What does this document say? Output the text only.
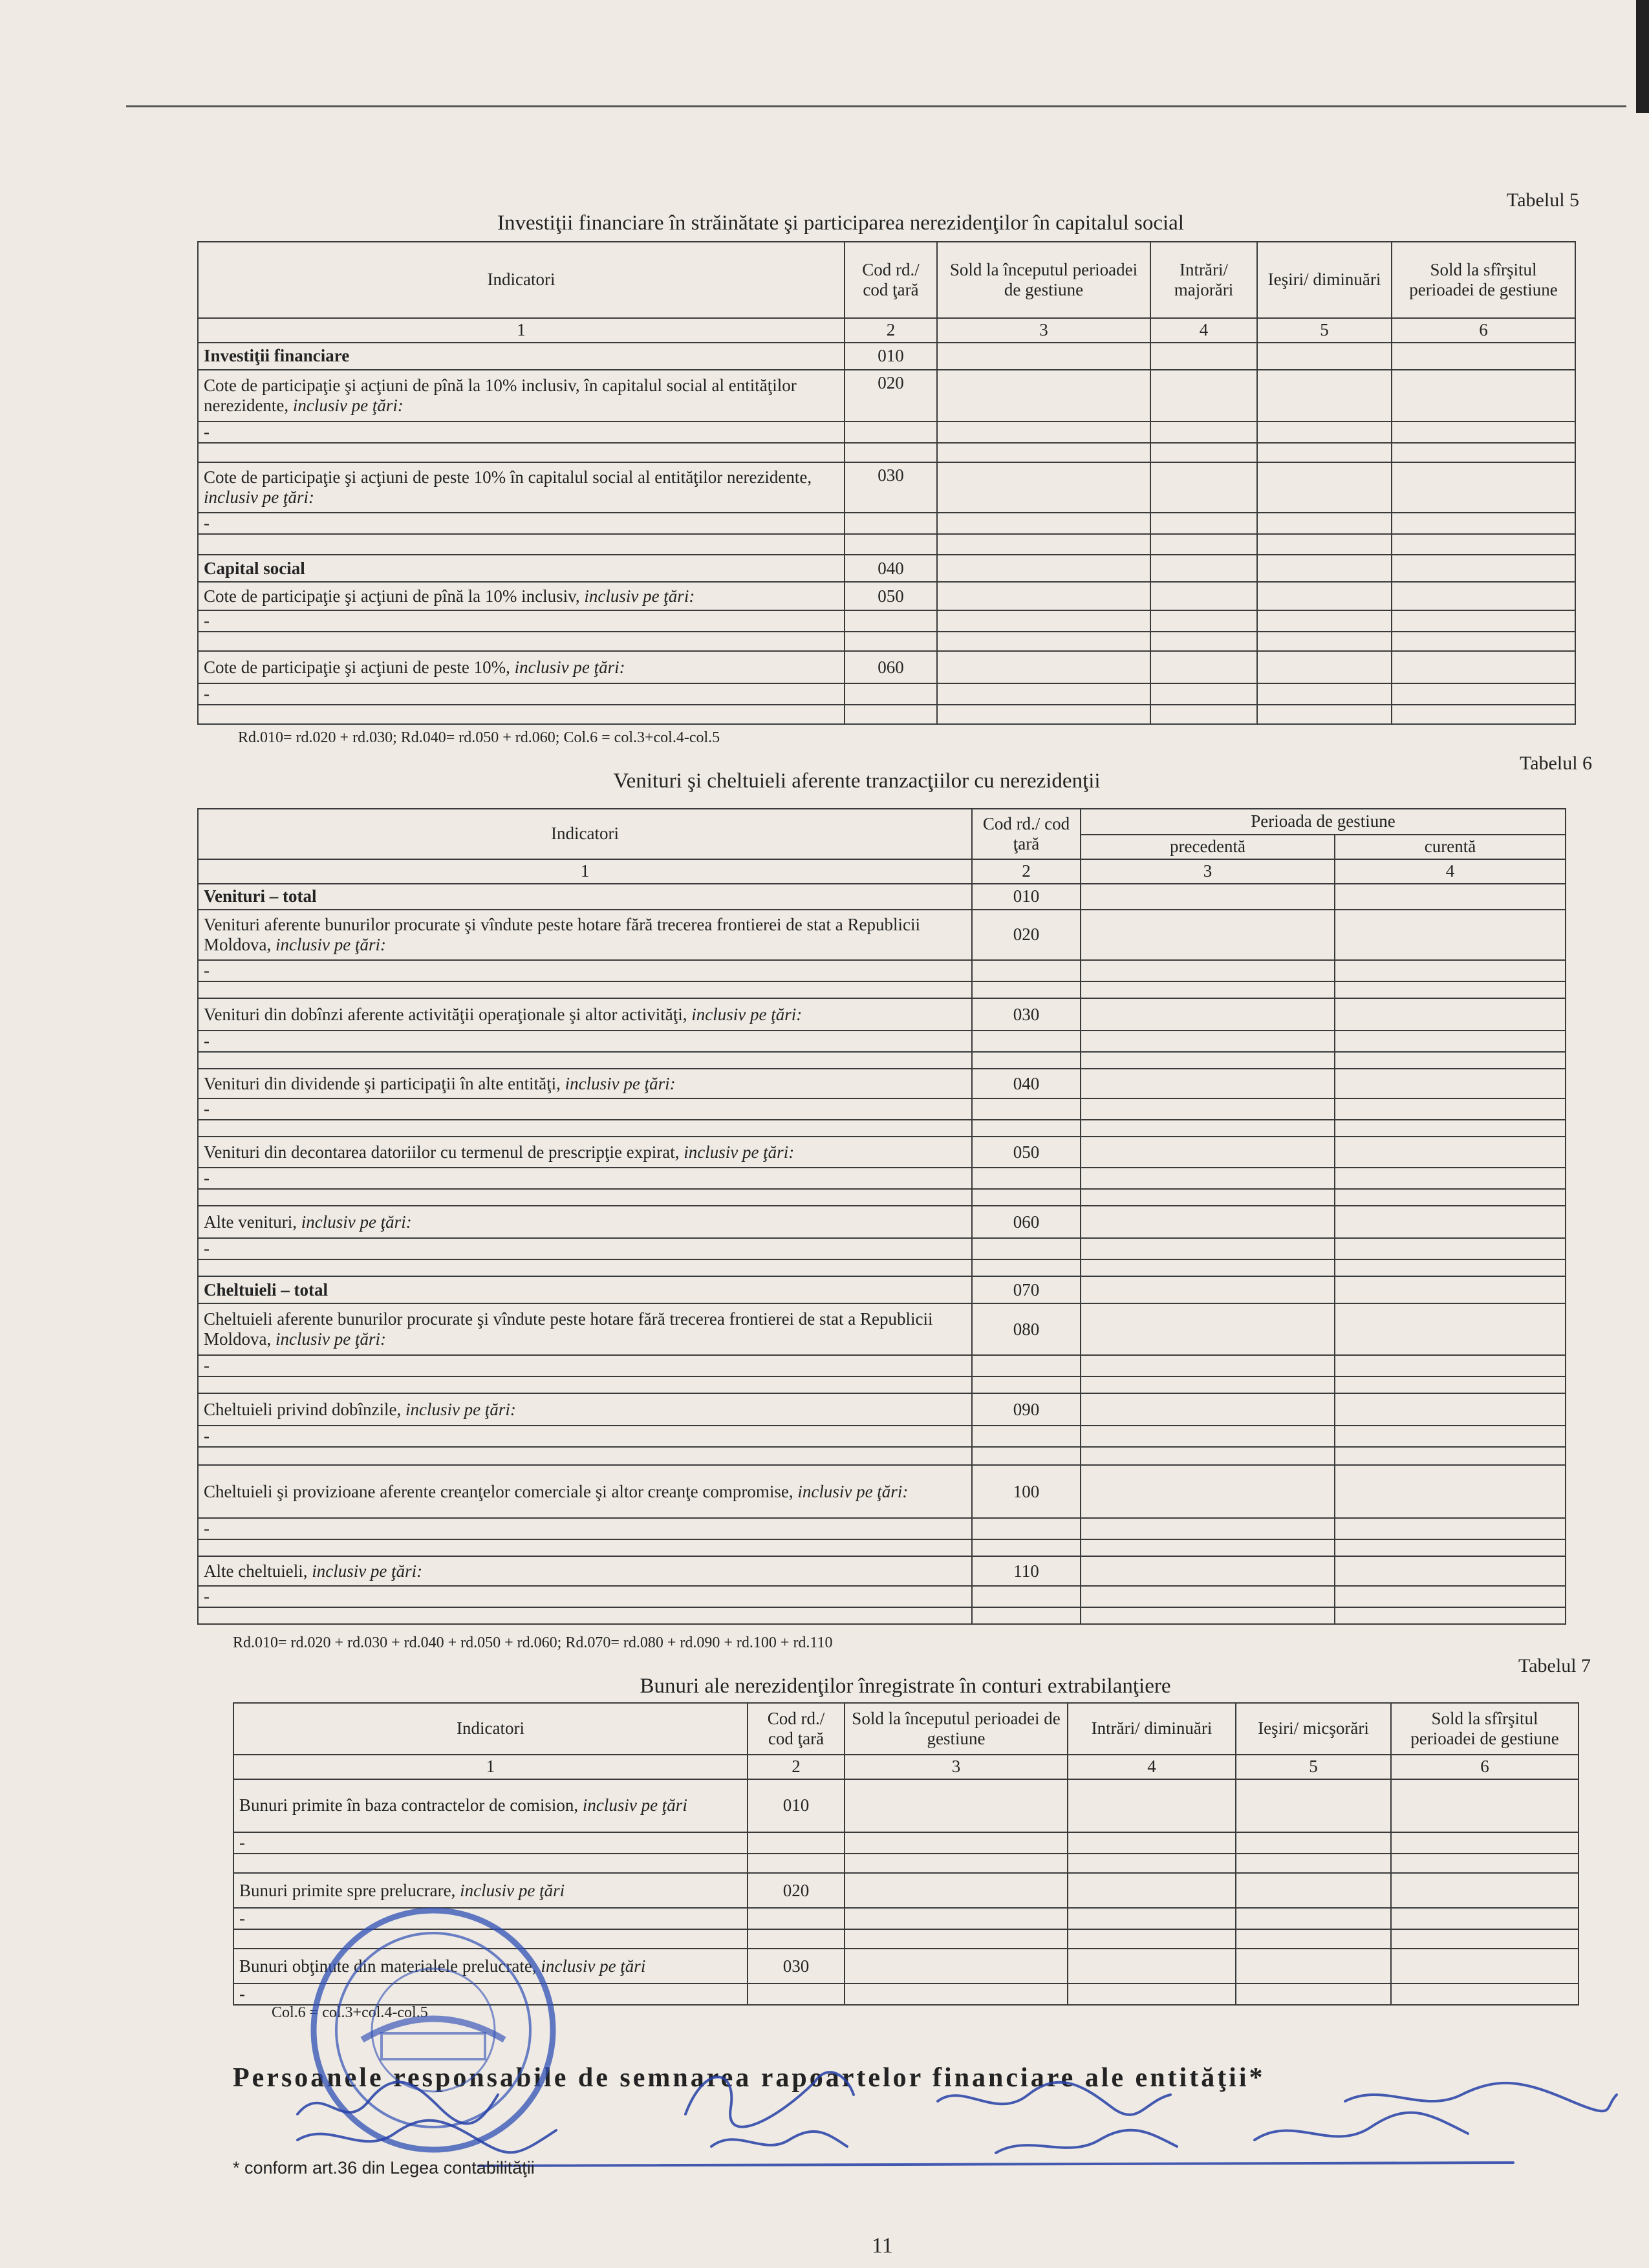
Tabelul 5
Investiţii financiare în străinătate şi participarea nerezidenţilor în capitalul social
Indicatori	Cod rd./ cod ţară	Sold la începutul perioadei de gestiune	Intrări/ majorări	Ieşiri/ diminuări	Sold la sfîrşitul perioadei de gestiune
1	2	3	4	5	6
Investiţii financiare	010				
Cote de participaţie şi acţiuni de pînă la 10% inclusiv, în capitalul social al entităţilor nerezidente, inclusiv pe ţări:	020				
-					

Cote de participaţie şi acţiuni de peste 10% în capitalul social al entităţilor nerezidente, inclusiv pe ţări:	030				
-					

Capital social	040				
Cote de participaţie şi acţiuni de pînă la 10% inclusiv, inclusiv pe ţări:	050				
-					

Cote de participaţie şi acţiuni de peste 10%, inclusiv pe ţări:	060				
-					

Rd.010= rd.020 + rd.030; Rd.040= rd.050 + rd.060; Col.6 = col.3+col.4-col.5
Tabelul 6
Venituri şi cheltuieli aferente tranzacţiilor cu nerezidenţii
Indicatori	Cod rd./ cod ţară	Perioada de gestiune	
		precedentă	curentă
1	2	3	4
Venituri – total	010		
Venituri aferente bunurilor procurate şi vîndute peste hotare fără trecerea frontierei de stat a Republicii Moldova, inclusiv pe ţări:	020		
-			

Venituri din dobînzi aferente activităţii operaţionale şi altor activităţi, inclusiv pe ţări:	030		
-			

Venituri din dividende şi participaţii în alte entităţi, inclusiv pe ţări:	040		
-			

Venituri din decontarea datoriilor cu termenul de prescripţie expirat, inclusiv pe ţări:	050		
-			

Alte venituri, inclusiv pe ţări:	060		
-			

Cheltuieli – total	070		
Cheltuieli aferente bunurilor procurate şi vîndute peste hotare fără trecerea frontierei de stat a Republicii Moldova, inclusiv pe ţări:	080		
-			

Cheltuieli privind dobînzile, inclusiv pe ţări:	090		
-			

Cheltuieli şi provizioane aferente creanţelor comerciale şi altor creanţe compromise, inclusiv pe ţări:	100		
-			

Alte cheltuieli, inclusiv pe ţări:	110		
-			

Rd.010= rd.020 + rd.030 + rd.040 + rd.050 + rd.060; Rd.070= rd.080 + rd.090 + rd.100 + rd.110
Tabelul 7
Bunuri ale nerezidenţilor înregistrate în conturi extrabilanţiere
Indicatori	Cod rd./ cod ţară	Sold la începutul perioadei de gestiune	Intrări/ diminuări	Ieşiri/ micşorări	Sold la sfîrşitul perioadei de gestiune
1	2	3	4	5	6
Bunuri primite în baza contractelor de comision, inclusiv pe ţări	010				
-					

Bunuri primite spre prelucrare, inclusiv pe ţări	020				
-					

Bunuri obţinute din materialele prelucrate, inclusiv pe ţări	030				
-					
Col.6 = col.3+col.4-col.5
Persoanele responsabile de semnarea rapoartelor financiare ale entităţii*
* conform art.36 din Legea contabilităţii
11
